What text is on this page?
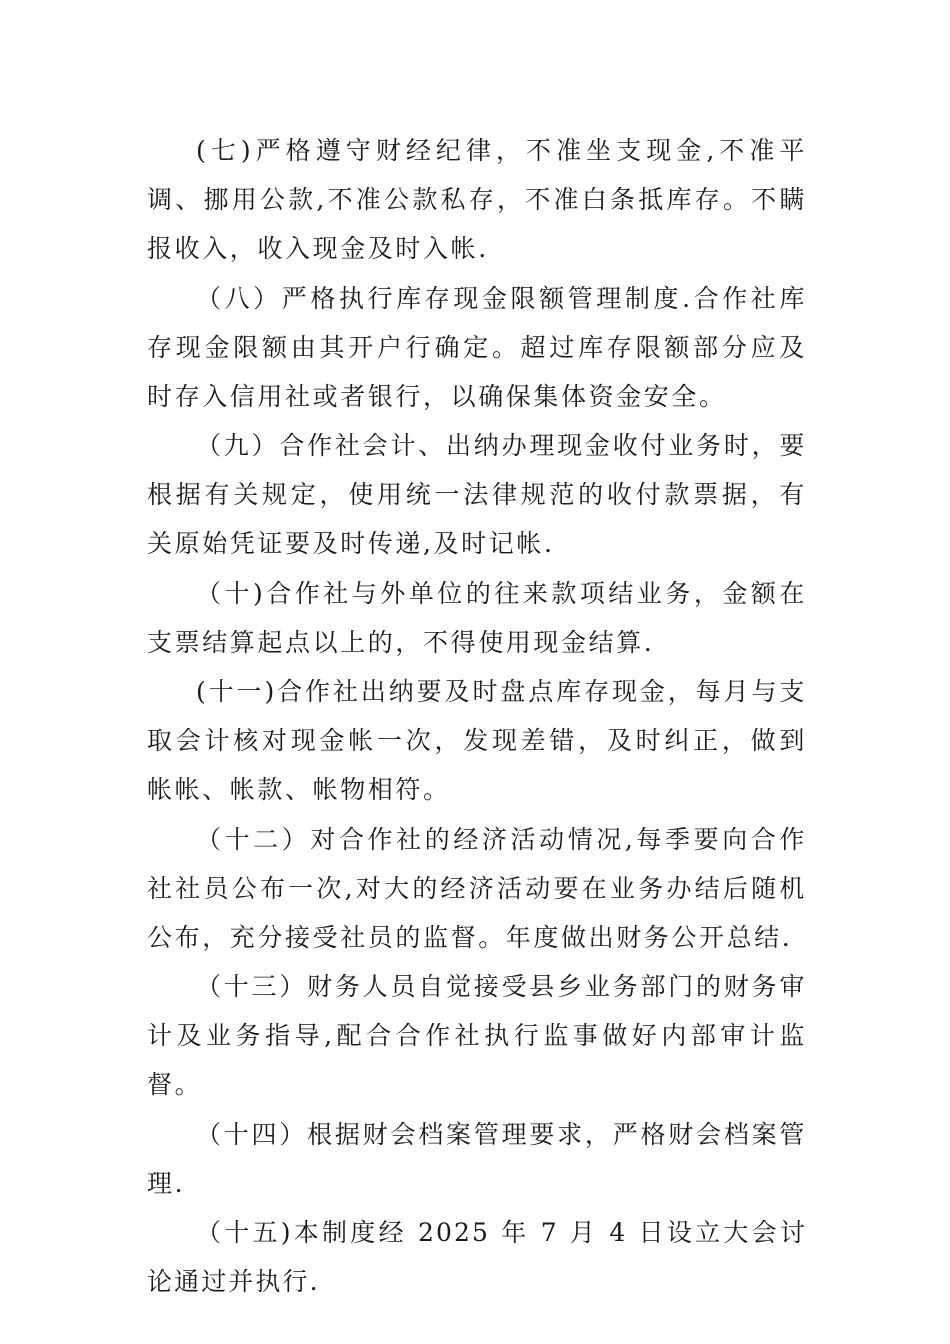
(七)严格遵守财经纪律，不准坐支现金,不准平调、挪用公款,不准公款私存，不准白条抵库存。不瞒报收入，收入现金及时入帐.

（八）严格执行库存现金限额管理制度.合作社库存现金限额由其开户行确定。超过库存限额部分应及时存入信用社或者银行，以确保集体资金安全。

（九）合作社会计、出纳办理现金收付业务时，要根据有关规定，使用统一法律规范的收付款票据，有关原始凭证要及时传递,及时记帐.

（十)合作社与外单位的往来款项结业务，金额在支票结算起点以上的，不得使用现金结算.

(十一)合作社出纳要及时盘点库存现金，每月与支取会计核对现金帐一次，发现差错，及时纠正，做到帐帐、帐款、帐物相符。

（十二）对合作社的经济活动情况,每季要向合作社社员公布一次,对大的经济活动要在业务办结后随机公布，充分接受社员的监督。年度做出财务公开总结.

（十三）财务人员自觉接受县乡业务部门的财务审计及业务指导,配合合作社执行监事做好内部审计监督。

（十四）根据财会档案管理要求，严格财会档案管理.

（十五)本制度经 2025 年 7 月 4 日设立大会讨论通过并执行.
